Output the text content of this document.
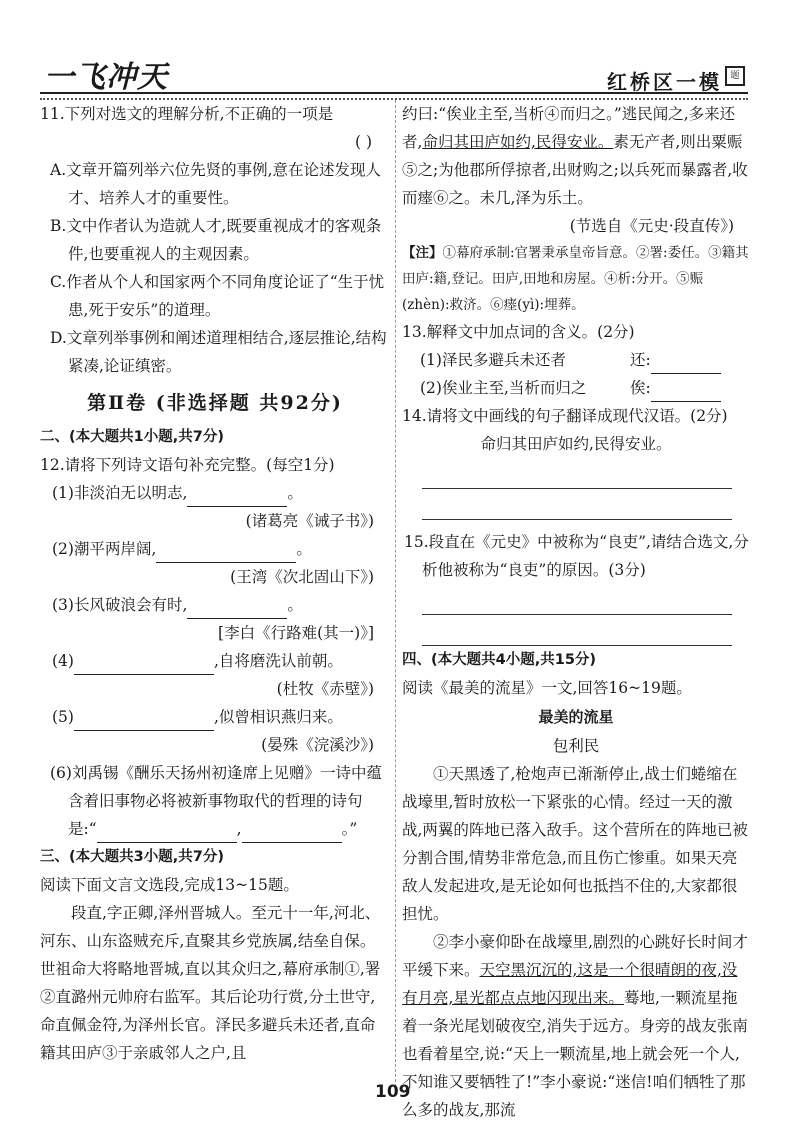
一飞冲天	红桥区一模 题

11.下列对选文的理解分析,不正确的一项是

( )

A.文章开篇列举六位先贤的事例,意在论述发现人才、培养人才的重要性。

B.文中作者认为造就人才,既要重视成才的客观条件,也要重视人的主观因素。

C.作者从个人和国家两个不同角度论证了“生于忧患,死于安乐”的道理。

D.文章列举事例和阐述道理相结合,逐层推论,结构紧凑,论证缜密。

第Ⅱ卷 (非选择题 共92分)
二、(本大题共1小题,共7分)

12.请将下列诗文语句补充完整。(每空1分)

(1)非淡泊无以明志,	。

(诸葛亮《诫子书》)

(2)潮平两岸阔,	。

(王湾《次北固山下》)

(3)长风破浪会有时,	。

[李白《行路难(其一)》]

(4)	,自将磨洗认前朝。

(杜牧《赤壁》)

(5)	,似曾相识燕归来。

(晏殊《浣溪沙》)

(6)刘禹锡《酬乐天扬州初逢席上见赠》一诗中蕴含着旧事物必将被新事物取代的哲理的诗句是:“	,	。”

三、(本大题共3小题,共7分)

阅读下面文言文选段,完成13~15题。

段直,字正卿,泽州晋城人。至元十一年,河北、河东、山东盗贼充斥,直聚其乡党族属,结垒自保。世祖命大将略地晋城,直以其众归之,幕府承制①,署②直潞州元帅府右监军。其后论功行赏,分土世守,命直佩金符,为泽州长官。泽民多避兵未还者,直命籍其田庐③于亲戚邻人之户,且

约曰:“俟业主至,当析④而归之。”逃民闻之,多来还者,命归其田庐如约,民得安业。素无产者,则出粟赈⑤之;为他郡所俘掠者,出财购之;以兵死而暴露者,收而瘗⑥之。未几,泽为乐土。

(节选自《元史·段直传》)

【注】①幕府承制:官署秉承皇帝旨意。②署:委任。③籍其田庐:籍,登记。田庐,田地和房屋。④析:分开。⑤赈(zhèn):救济。⑥瘗(yì):埋葬。

13.解释文中加点词的含义。(2分)

(1)泽民多避兵未还者	还:
(2)俟业主至,当析而归之	俟:

14.请将文中画线的句子翻译成现代汉语。(2分)

命归其田庐如约,民得安业。

15.段直在《元史》中被称为“良吏”,请结合选文,分析他被称为“良吏”的原因。(3分)

四、(本大题共4小题,共15分)

阅读《最美的流星》一文,回答16~19题。

最美的流星
包利民

①天黑透了,枪炮声已渐渐停止,战士们蜷缩在战壕里,暂时放松一下紧张的心情。经过一天的激战,两翼的阵地已落入敌手。这个营所在的阵地已被分割合围,情势非常危急,而且伤亡惨重。如果天亮敌人发起进攻,是无论如何也抵挡不住的,大家都很担忧。

②李小豪仰卧在战壕里,剧烈的心跳好长时间才平缓下来。天空黑沉沉的,这是一个很晴朗的夜,没有月亮,星光都点点地闪现出来。蓦地,一颗流星拖着一条光尾划破夜空,消失于远方。身旁的战友张南也看着星空,说:“天上一颗流星,地上就会死一个人,不知谁又要牺牲了!”李小豪说:“迷信!咱们牺牲了那么多的战友,那流

109
